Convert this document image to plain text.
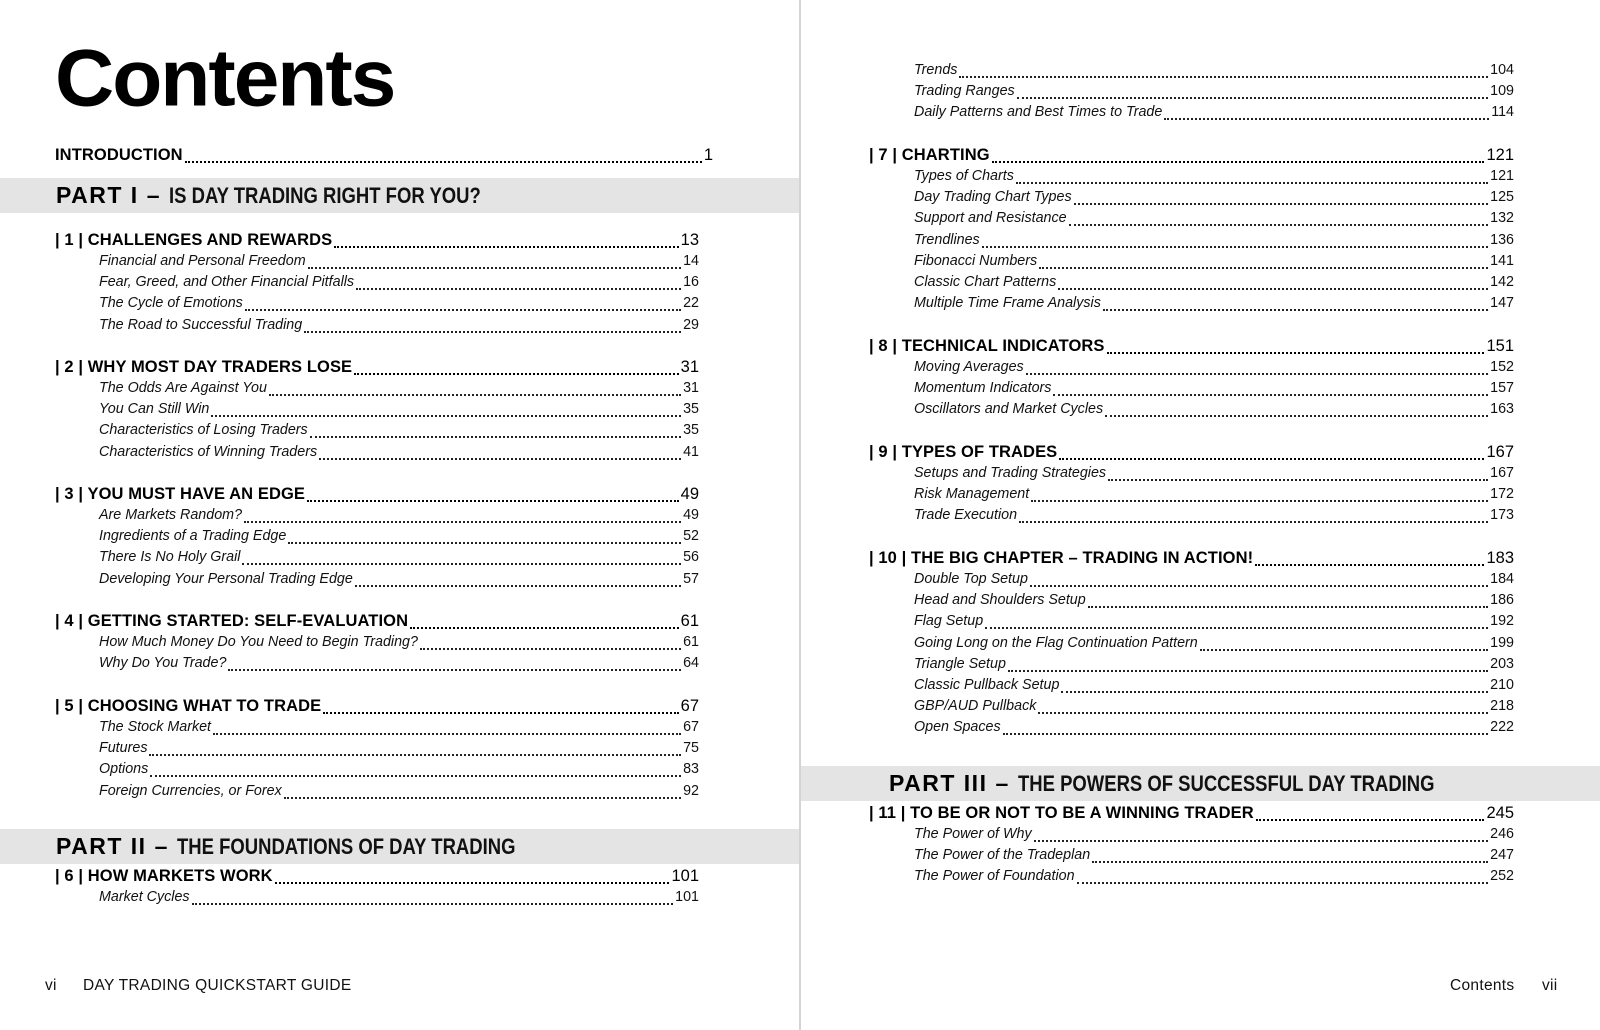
Contents
INTRODUCTION	1
PART I – IS DAY TRADING RIGHT FOR YOU?
PART II – THE FOUNDATIONS OF DAY TRADING
| 1 | CHALLENGES AND REWARDS	13
Financial and Personal Freedom	14
Fear, Greed, and Other Financial Pitfalls	16
The Cycle of Emotions	22
The Road to Successful Trading	29
| 2 | WHY MOST DAY TRADERS LOSE	31
The Odds Are Against You	31
You Can Still Win	35
Characteristics of Losing Traders	35
Characteristics of Winning Traders	41
| 3 | YOU MUST HAVE AN EDGE	49
Are Markets Random?	49
Ingredients of a Trading Edge	52
There Is No Holy Grail	56
Developing Your Personal Trading Edge	57
| 4 | GETTING STARTED: SELF-EVALUATION	61
How Much Money Do You Need to Begin Trading?	61
Why Do You Trade?	64
| 5 | CHOOSING WHAT TO TRADE	67
The Stock Market	67
Futures	75
Options	83
Foreign Currencies, or Forex	92
| 6 | HOW MARKETS WORK	101
Market Cycles	101
vi DAY TRADING QUICKSTART GUIDE
PART III – THE POWERS OF SUCCESSFUL DAY TRADING
Trends	104
Trading Ranges	109
Daily Patterns and Best Times to Trade	114
| 7 | CHARTING	121
Types of Charts	121
Day Trading Chart Types	125
Support and Resistance	132
Trendlines	136
Fibonacci Numbers	141
Classic Chart Patterns	142
Multiple Time Frame Analysis	147
| 8 | TECHNICAL INDICATORS	151
Moving Averages	152
Momentum Indicators	157
Oscillators and Market Cycles	163
| 9 | TYPES OF TRADES	167
Setups and Trading Strategies	167
Risk Management	172
Trade Execution	173
| 10 | THE BIG CHAPTER – TRADING IN ACTION!	183
Double Top Setup	184
Head and Shoulders Setup	186
Flag Setup	192
Going Long on the Flag Continuation Pattern	199
Triangle Setup	203
Classic Pullback Setup	210
GBP/AUD Pullback	218
Open Spaces	222
| 11 | TO BE OR NOT TO BE A WINNING TRADER	245
The Power of Why	246
The Power of the Tradeplan	247
The Power of Foundation	252
Contents vii
